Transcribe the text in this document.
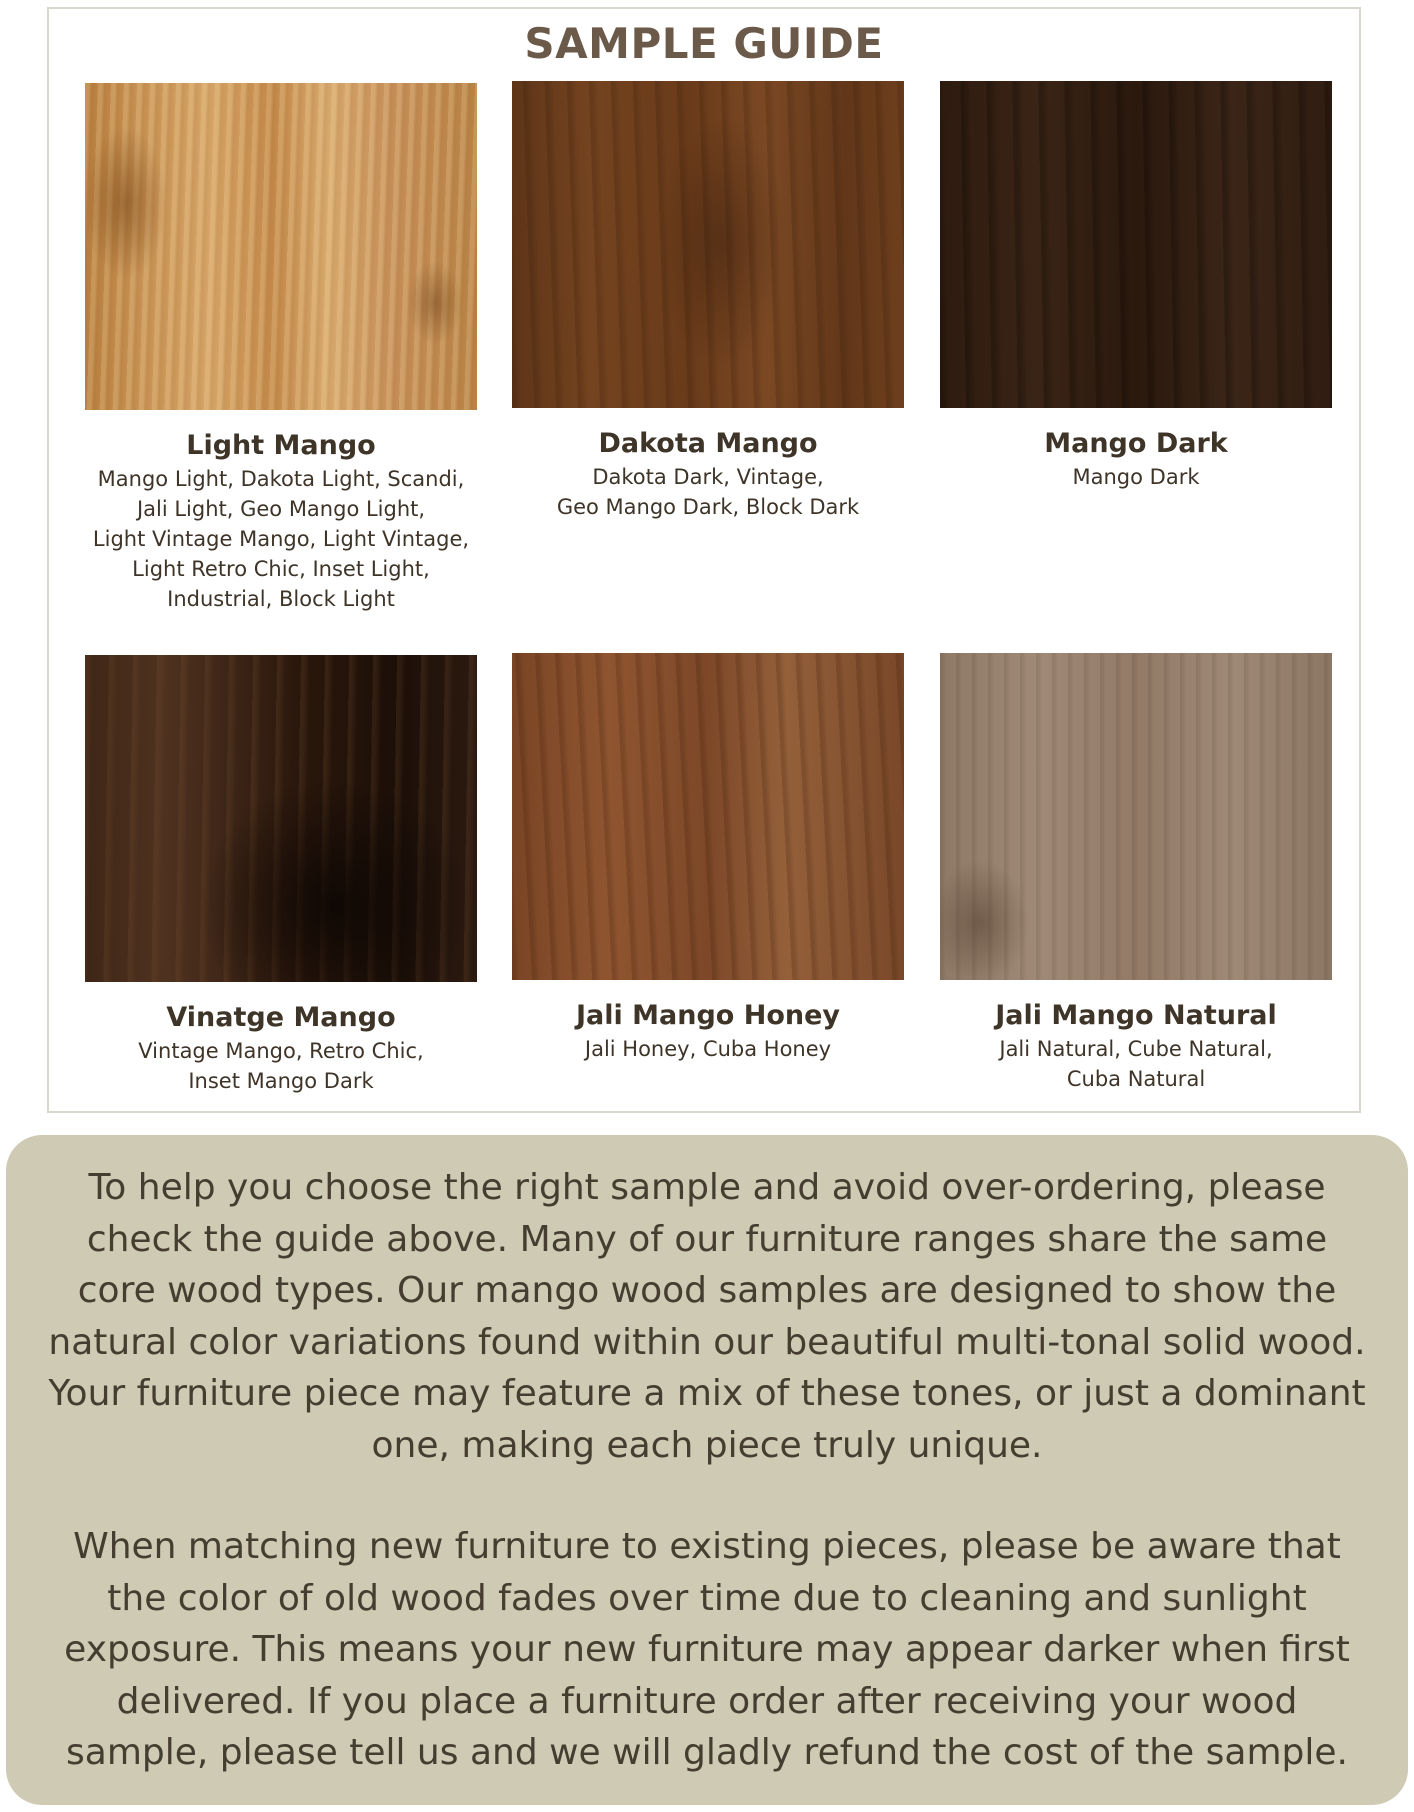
SAMPLE GUIDE
Light Mango
Mango Light, Dakota Light, Scandi,
Jali Light, Geo Mango Light,
Light Vintage Mango, Light Vintage,
Light Retro Chic, Inset Light,
Industrial, Block Light
Dakota Mango
Dakota Dark, Vintage,
Geo Mango Dark, Block Dark
Mango Dark
Mango Dark
Vinatge Mango
Vintage Mango, Retro Chic,
Inset Mango Dark
Jali Mango Honey
Jali Honey, Cuba Honey
Jali Mango Natural
Jali Natural, Cube Natural,
Cuba Natural

To help you choose the right sample and avoid over-ordering, please check the guide above. Many of our furniture ranges share the same core wood types. Our mango wood samples are designed to show the natural color variations found within our beautiful multi-tonal solid wood. Your furniture piece may feature a mix of these tones, or just a dominant one, making each piece truly unique.

When matching new furniture to existing pieces, please be aware that the color of old wood fades over time due to cleaning and sunlight exposure. This means your new furniture may appear darker when first delivered. If you place a furniture order after receiving your wood sample, please tell us and we will gladly refund the cost of the sample.
